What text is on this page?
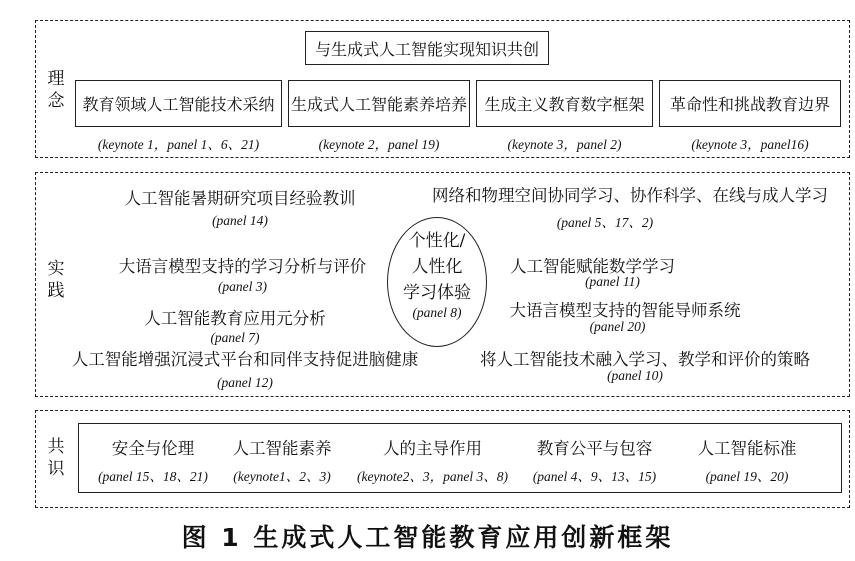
理
念
与生成式人工智能实现知识共创
教育领域人工智能技术采纳 生成式人工智能素养培养 生成主义教育数字框架 革命性和挑战教育边界
(keynote 1，panel 1、6、21)	(keynote 2，panel 19)	(keynote 3，panel 2)	(keynote 3，panel16)
实
践
个性化/
人性化
学习体验
(panel 8)
人工智能暑期研究项目经验教训
(panel 14)
大语言模型支持的学习分析与评价
(panel 3)
人工智能教育应用元分析
(panel 7)
人工智能增强沉浸式平台和同伴支持促进脑健康
(panel 12)
网络和物理空间协同学习、协作科学、在线与成人学习
(panel 5、17、2)
人工智能赋能数学学习
(panel 11)
大语言模型支持的智能导师系统
(panel 20)
将人工智能技术融入学习、教学和评价的策略
(panel 10)
共
识
安全与伦理
(panel 15、18、21)
人工智能素养
(keynote1、2、3)
人的主导作用
(keynote2、3，panel 3、8)
教育公平与包容
(panel 4、9、13、15)
人工智能标准
(panel 19、20)
图 1 生成式人工智能教育应用创新框架
